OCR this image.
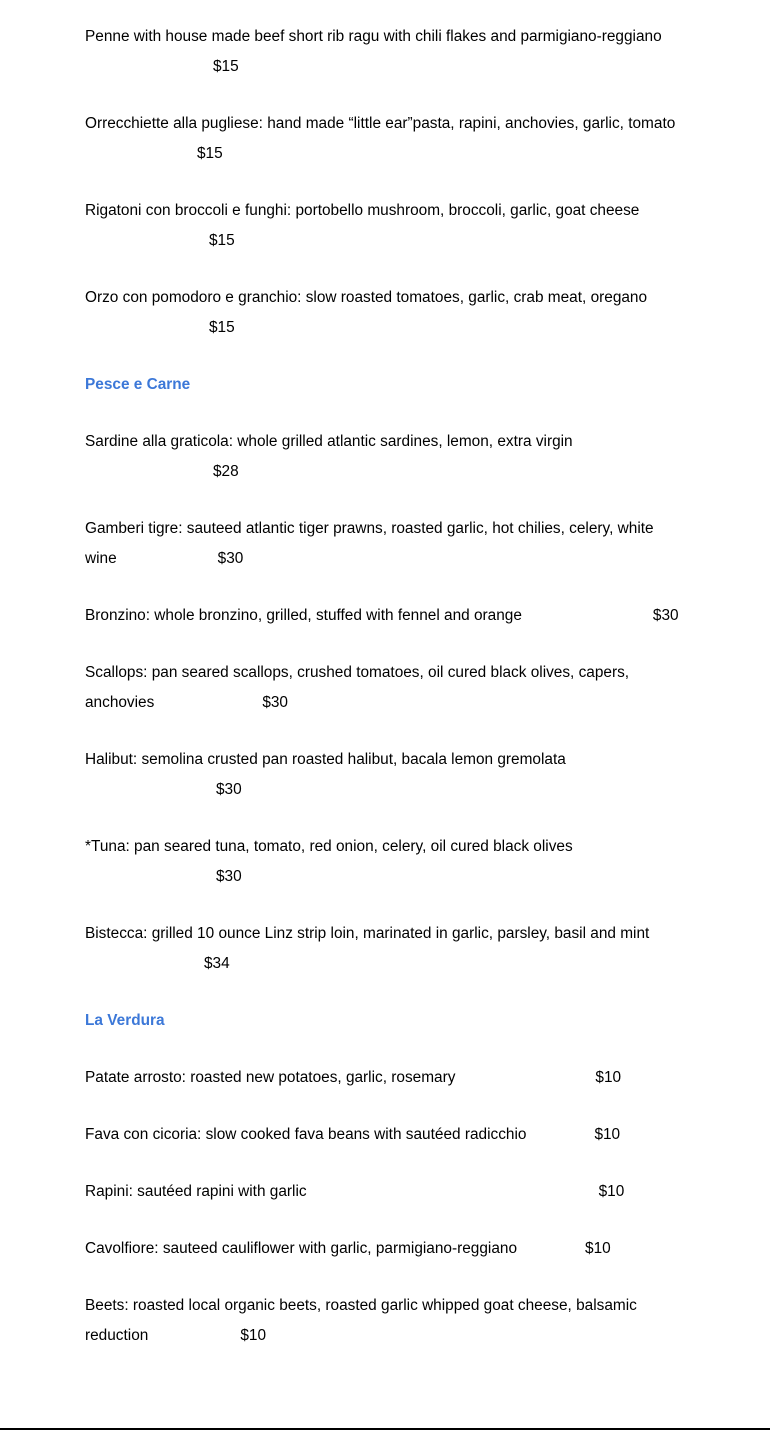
Penne with house made beef short rib ragu with chili flakes and parmigiano-reggiano$15
Orrecchiette alla pugliese: hand made “little ear”pasta, rapini, anchovies, garlic, tomato$15
Rigatoni con broccoli e funghi: portobello mushroom, broccoli, garlic, goat cheese$15
Orzo con pomodoro e granchio: slow roasted tomatoes, garlic, crab meat, oregano$15
Pesce e Carne
Sardine alla graticola: whole grilled atlantic sardines, lemon, extra virgin$28
Gamberi tigre: sauteed atlantic tiger prawns, roasted garlic, hot chilies, celery, white wine	$30
Bronzino: whole bronzino, grilled, stuffed with fennel and orange	$30
Scallops: pan seared scallops, crushed tomatoes, oil cured black olives, capers, anchovies	$30
Halibut: semolina crusted pan roasted halibut, bacala lemon gremolata$30
*Tuna: pan seared tuna, tomato, red onion, celery, oil cured black olives$30
Bistecca: grilled 10 ounce Linz strip loin, marinated in garlic, parsley, basil and mint$34
La Verdura
Patate arrosto: roasted new potatoes, garlic, rosemary	$10
Fava con cicoria: slow cooked fava beans with sautéed radicchio	$10
Rapini: sautéed rapini with garlic	$10
Cavolfiore: sauteed cauliflower with garlic, parmigiano-reggiano	$10
Beets: roasted local organic beets, roasted garlic whipped goat cheese, balsamic reduction	$10
